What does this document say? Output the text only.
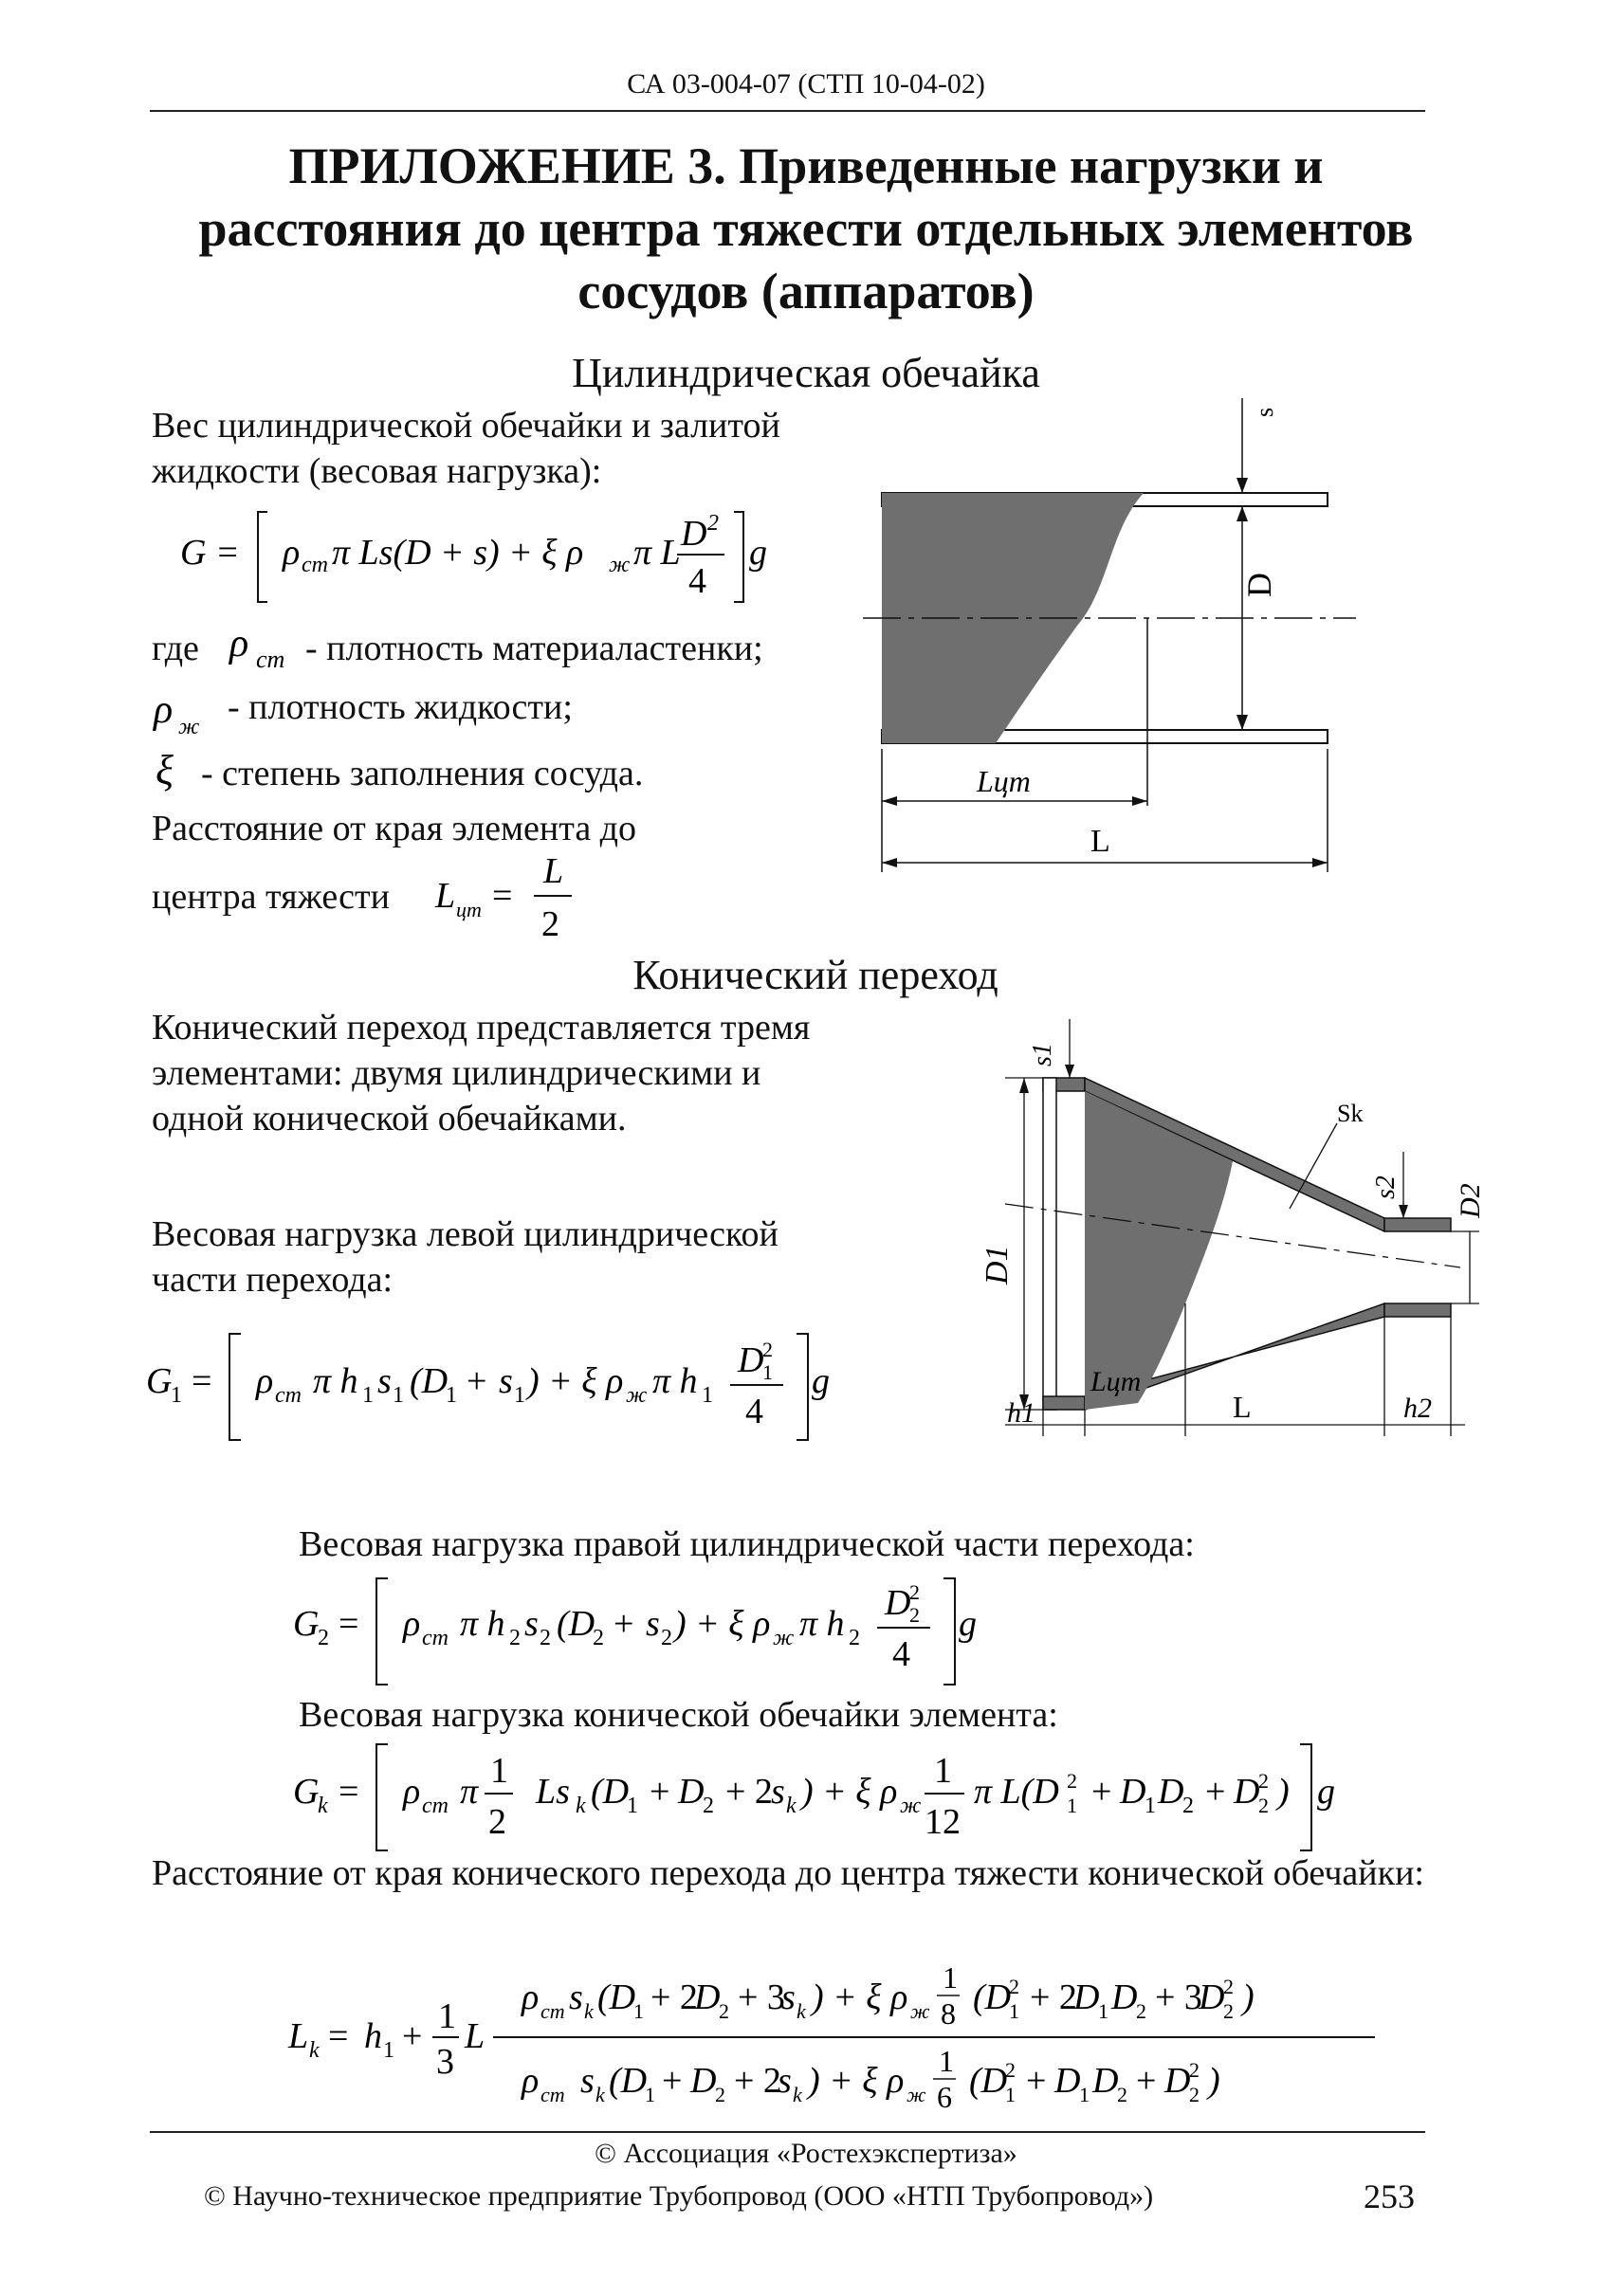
СА 03-004-07 (СТП 10-04-02)
ПРИЛОЖЕНИЕ 3. Приведенные нагрузки и расстояния до центра тяжести отдельных элементов сосудов (аппаратов)
Цилиндрическая обечайка
Вес цилиндрической обечайки и залитой жидкости (весовая нагрузка):
G = ρ ст π Ls(D + s) + ξ ρ ж π L D 2
4
g
где ρ cm - плотность материаластенки;
ρ ж - плотность жидкости;
ξ - степень заполнения сосуда.
Расстояние от края элемента до
центра тяжести L цт =
L
2
s
D
Lцт
L
Конический переход
Конический переход представляется тремя элементами: двумя цилиндрическими и одной конической обечайками.
Весовая нагрузка левой цилиндрической части перехода:
G
1 = ρ cm π h 1 s 1 (D
1 + s 1 ) + ξ ρ ж π h 1
D
2
1
4
g
s1
Sk
s2
D1
D2
h1
Lцт
L	h2
Весовая нагрузка правой цилиндрической части перехода:
G
2 = ρ cm π h 2 s 2 (D
2 + s 2 ) + ξ ρ ж π h 2
D
2
2
4
g
Весовая нагрузка конической обечайки элемента:
G
k = ρ cm π
1
2
Ls k (D
1 + D
2 + 2
s k ) + ξ ρ ж
1
12
π L(D 2
1 + D
1 D
2 + D
2
2 ) g
Расстояние от края конического перехода до центра тяжести конической обечайки:
L k = h 1 + 1
3
L
ρ cm s k (D
1 + 2
D
2 + 3
s k ) + ξ ρ ж
1
8 (D
2
1 + 2
D
1 D
2 + 3
D
2
2 )
ρ cm s k (D
1 + D
2 + 2
s k ) + ξ ρ ж
1
6 (D
2
1 + D
1 D
2 + D
2
2 )
© Ассоциация «Ростехэкспертиза»
© Научно-техническое предприятие Трубопровод (ООО «НТП Трубопровод»)	253
